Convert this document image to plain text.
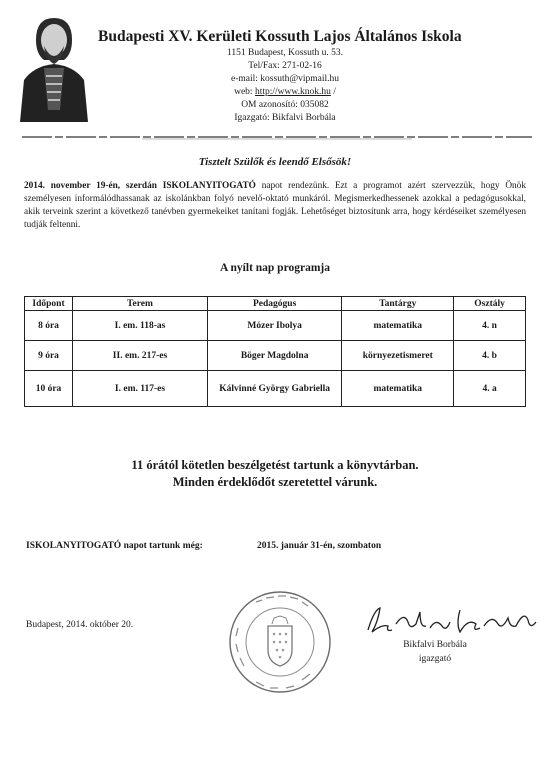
Budapesti XV. Kerületi Kossuth Lajos Általános Iskola
1151 Budapest, Kossuth u. 53.
Tel/Fax: 271-02-16
e-mail: kossuth@vipmail.hu
web: http://www.knok.hu /
OM azonosító: 035082
Igazgató: Bikfalvi Borbála
Tisztelt Szülők és leendő Elsősök!
2014. november 19-én, szerdán ISKOLANYITOGATÓ napot rendezünk. Ezt a programot azért szervezzük, hogy Önök személyesen informálódhassanak az iskolánkban folyó nevelő-oktató munkáról. Megismerkedhessenek azokkal a pedagógusokkal, akik terveink szerint a következő tanévben gyermekeiket tanítani fogják. Lehetőséget biztosítunk arra, hogy kérdéseiket személyesen tudják feltenni.
A nyílt nap programja
Időpont	Terem	Pedagógus	Tantárgy	Osztály
8 óra	I. em. 118-as	Mózer Ibolya	matematika	4. n
9 óra	II. em. 217-es	Böger Magdolna	környezetismeret	4. b
10 óra	I. em. 117-es	Kálvinné György Gabriella	matematika	4. a
11 órától kötetlen beszélgetést tartunk a könyvtárban.
Minden érdeklődőt szeretettel várunk.
ISKOLANYITOGATÓ napot tartunk még:	2015. január 31-én, szombaton
Budapest, 2014. október 20.
Bikfalvi Borbála
igazgató
